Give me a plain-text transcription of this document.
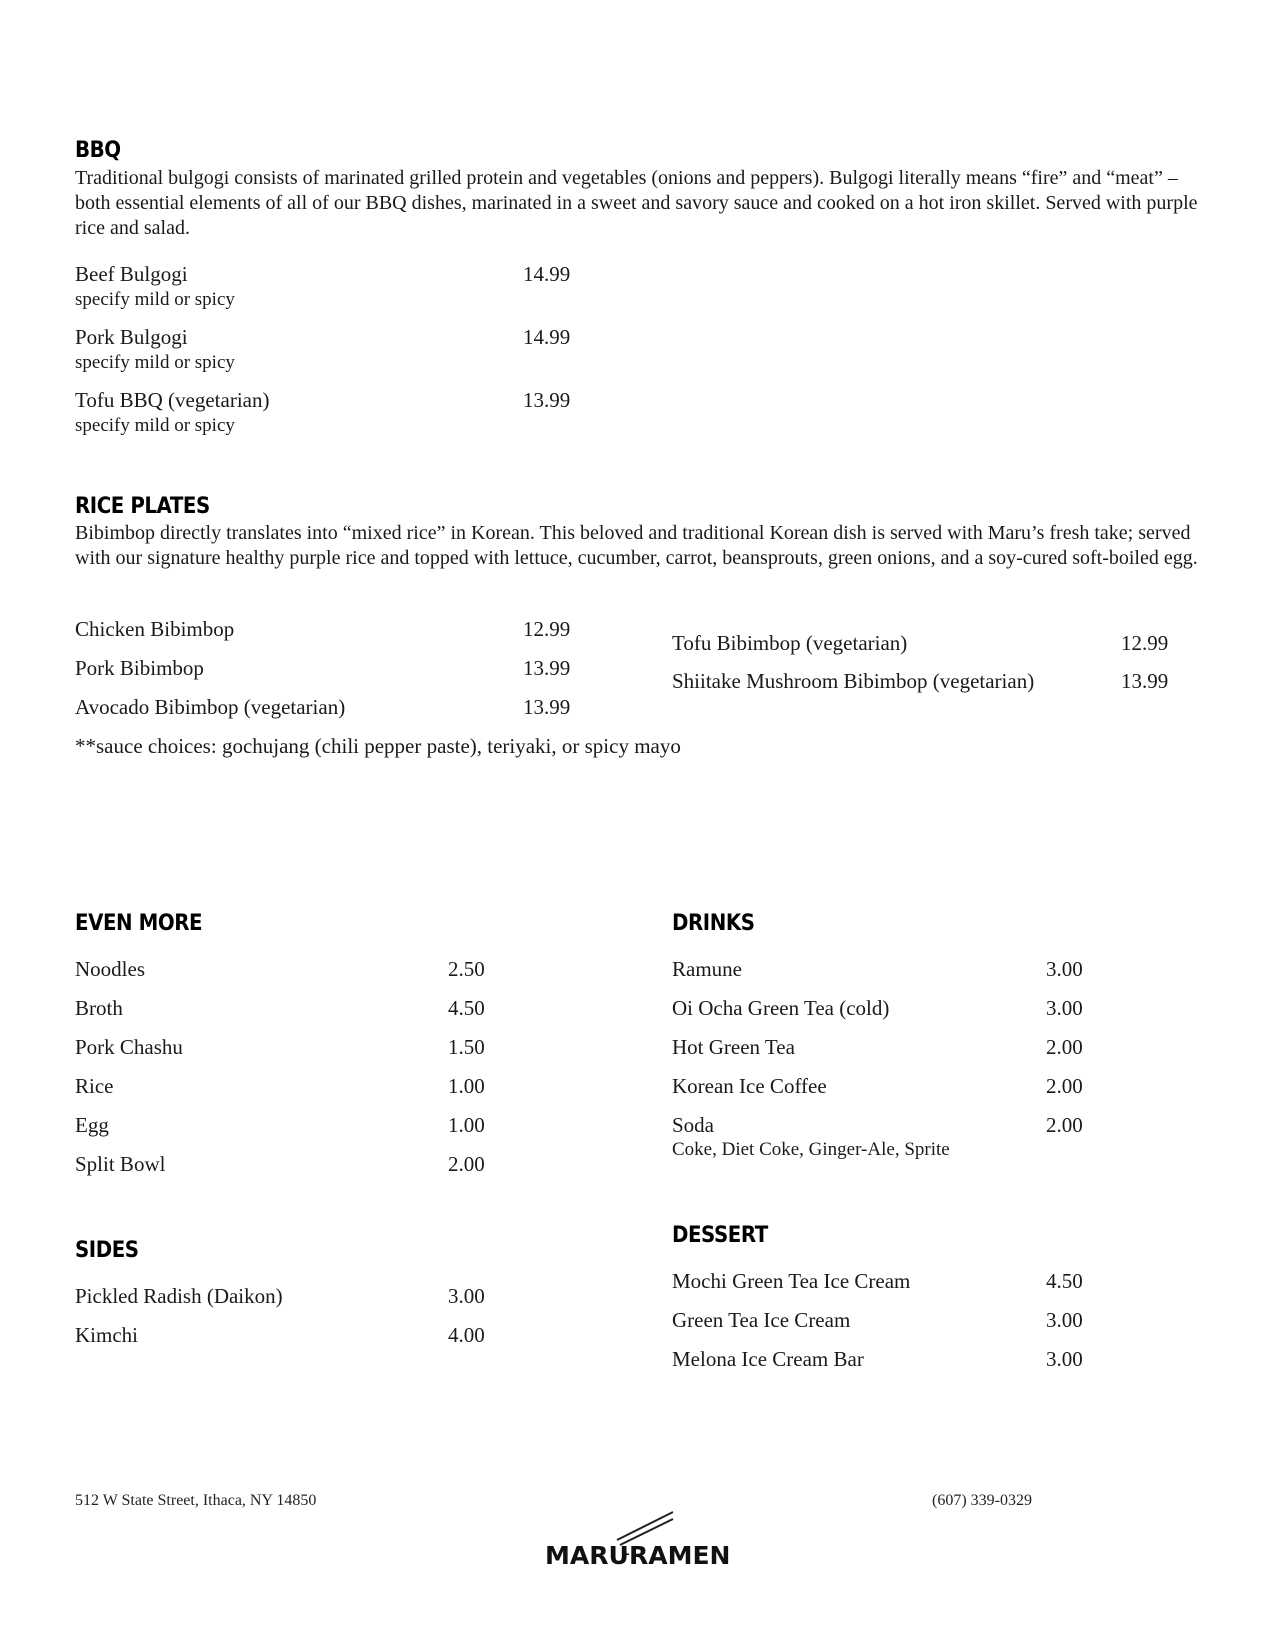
BBQ
Traditional bulgogi consists of marinated grilled protein and vegetables (onions and peppers). Bulgogi literally means “fire” and “meat” – both essential elements of all of our BBQ dishes, marinated in a sweet and savory sauce and cooked on a hot iron skillet. Served with purple rice and salad.
Beef Bulgogi	14.99
specify mild or spicy
Pork Bulgogi	14.99
specify mild or spicy
Tofu BBQ (vegetarian)	13.99
specify mild or spicy
RICE PLATES
Bibimbop directly translates into “mixed rice” in Korean. This beloved and traditional Korean dish is served with Maru’s fresh take; served with our signature healthy purple rice and topped with lettuce, cucumber, carrot, beansprouts, green onions, and a soy-cured soft-boiled egg.
Chicken Bibimbop	12.99
Pork Bibimbop	13.99
Avocado Bibimbop (vegetarian)	13.99
Tofu Bibimbop (vegetarian)	12.99
Shiitake Mushroom Bibimbop (vegetarian)	13.99
**sauce choices: gochujang (chili pepper paste), teriyaki, or spicy mayo
EVEN MORE
Noodles	2.50
Broth	4.50
Pork Chashu	1.50
Rice	1.00
Egg	1.00
Split Bowl	2.00
SIDES
Pickled Radish (Daikon)	3.00
Kimchi	4.00
DRINKS
Ramune	3.00
Oi Ocha Green Tea (cold)	3.00
Hot Green Tea	2.00
Korean Ice Coffee	2.00
Soda	2.00
Coke, Diet Coke, Ginger-Ale, Sprite
DESSERT
Mochi Green Tea Ice Cream	4.50
Green Tea Ice Cream	3.00
Melona Ice Cream Bar	3.00
512 W State Street, Ithaca, NY 14850	(607) 339-0329
MARU RAMEN
